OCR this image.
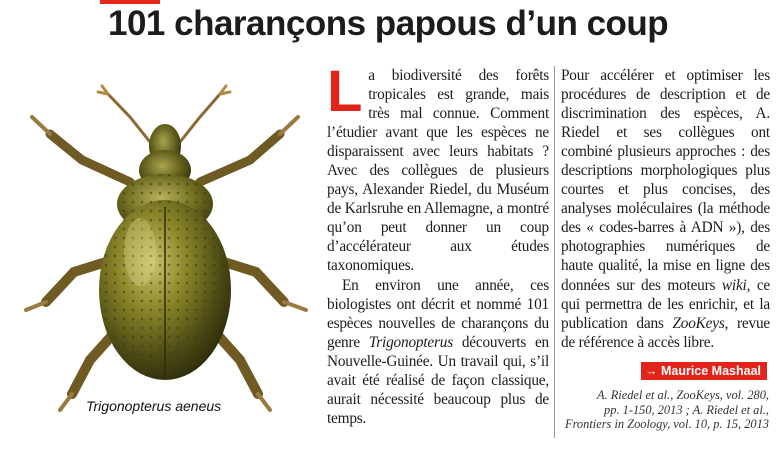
101 charançons papous d’un coup
Trigonopterus aeneus

La biodiversité des forêts tropicales est grande, mais très mal connue. Comment l’étudier avant que les espèces ne disparaissent avec leurs habitats ? Avec des collègues de plusieurs pays, Alexander Riedel, du Muséum de Karlsruhe en Allemagne, a montré qu’on peut donner un coup d’accélérateur aux études taxonomiques.

En environ une année, ces biologistes ont décrit et nommé 101 espèces nouvelles de charançons du genre Trigonopterus découverts en Nouvelle-Guinée. Un travail qui, s’il avait été réalisé de façon classique, aurait nécessité beaucoup plus de temps.

Pour accélérer et optimiser les procédures de description et de discrimination des espèces, A. Riedel et ses collègues ont combiné plusieurs approches : des descriptions morphologiques plus courtes et plus concises, des analyses moléculaires (la méthode des « codes-barres à ADN »), des photographies numériques de haute qualité, la mise en ligne des données sur des moteurs wiki, ce qui permettra de les enrichir, et la publication dans ZooKeys, revue de référence à accès libre.

→ Maurice Mashaal
A. Riedel et al., ZooKeys, vol. 280,
pp. 1-150, 2013 ; A. Riedel et al.,
Frontiers in Zoology, vol. 10, p. 15, 2013
